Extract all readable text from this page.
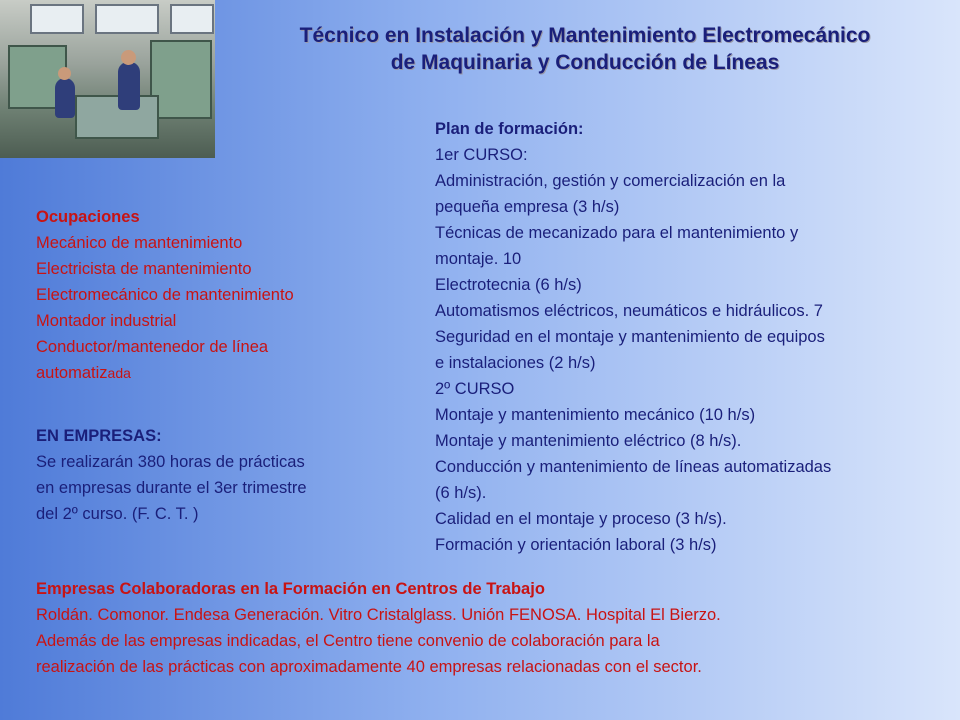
Técnico en Instalación y Mantenimiento Electromecánico
de Maquinaria y Conducción de Líneas
Ocupaciones
Mecánico de mantenimiento
Electricista de mantenimiento
Electromecánico de mantenimiento
Montador industrial
Conductor/mantenedor de línea
automatizada
EN EMPRESAS:
Se realizarán 380 horas de prácticas
en empresas durante el 3er trimestre
del 2º curso. (F. C. T. )
Plan de formación:
1er CURSO:
Administración, gestión y comercialización en la
pequeña empresa (3 h/s)
Técnicas de mecanizado para el mantenimiento y
montaje. 10
Electrotecnia (6 h/s)
Automatismos eléctricos, neumáticos e hidráulicos. 7
Seguridad en el montaje y mantenimiento de equipos
e instalaciones (2 h/s)
2º CURSO
Montaje y mantenimiento mecánico (10 h/s)
Montaje y mantenimiento eléctrico (8 h/s).
Conducción y mantenimiento de líneas automatizadas
(6 h/s).
Calidad en el montaje y proceso (3 h/s).
Formación y orientación laboral (3 h/s)
Empresas Colaboradoras en la Formación en Centros de Trabajo
Roldán. Comonor. Endesa Generación. Vitro Cristalglass. Unión FENOSA. Hospital El Bierzo.
Además de las empresas indicadas, el Centro tiene convenio de colaboración para la
realización de las prácticas con aproximadamente 40 empresas relacionadas con el sector.
